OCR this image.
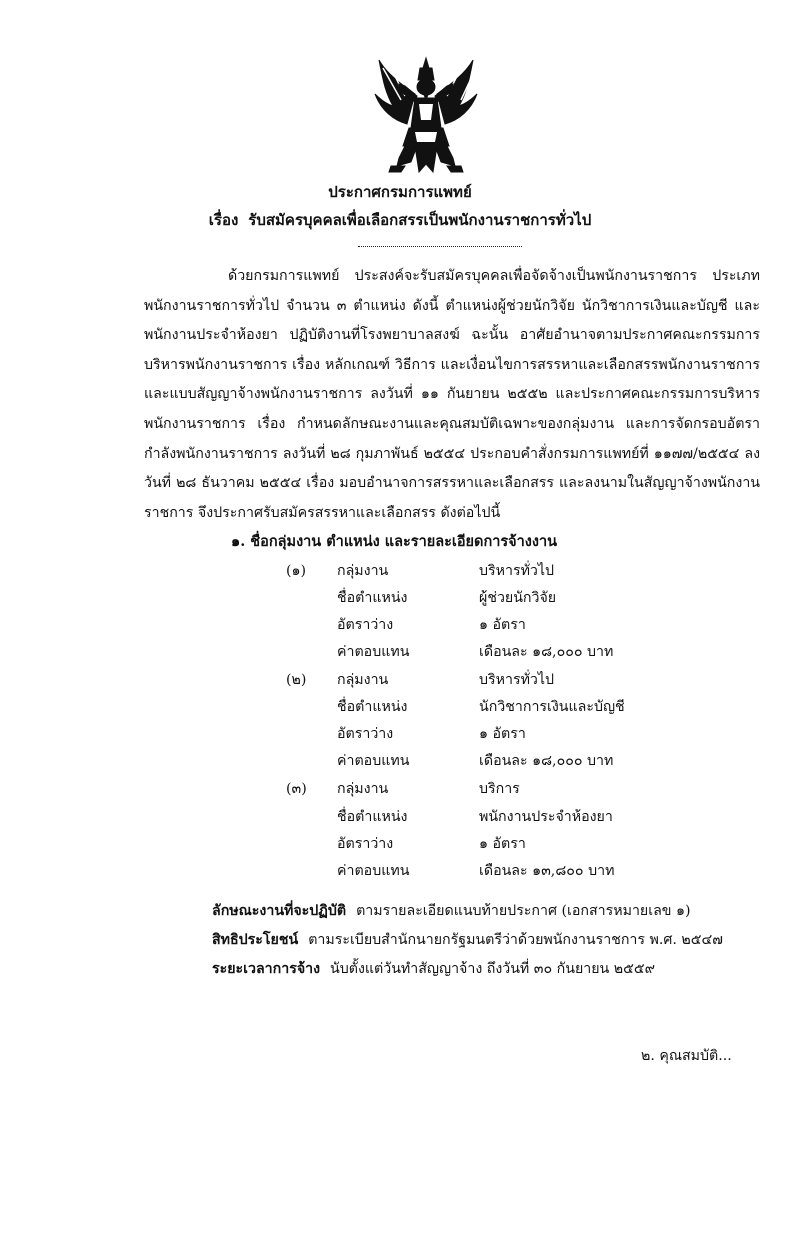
ประกาศกรมการแพทย์
เรื่อง รับสมัครบุคคลเพื่อเลือกสรรเป็นพนักงานราชการทั่วไป
ด้วยกรมการแพทย์ ประสงค์จะรับสมัครบุคคลเพื่อจัดจ้างเป็นพนักงานราชการ ประเภทพนักงานราชการทั่วไป จำนวน ๓ ตำแหน่ง ดังนี้ ตำแหน่งผู้ช่วยนักวิจัย นักวิชาการเงินและบัญชี และพนักงานประจำห้องยา ปฏิบัติงานที่โรงพยาบาลสงฆ์ ฉะนั้น อาศัยอำนาจตามประกาศคณะกรรมการบริหารพนักงานราชการ เรื่อง หลักเกณฑ์ วิธีการ และเงื่อนไขการสรรหาและเลือกสรรพนักงานราชการ และแบบสัญญาจ้างพนักงานราชการ ลงวันที่ ๑๑ กันยายน ๒๕๕๒ และประกาศคณะกรรมการบริหารพนักงานราชการ เรื่อง กำหนดลักษณะงานและคุณสมบัติเฉพาะของกลุ่มงาน และการจัดกรอบอัตรากำลังพนักงานราชการ ลงวันที่ ๒๘ กุมภาพันธ์ ๒๕๕๔ ประกอบคำสั่งกรมการแพทย์ที่ ๑๑๗๗/๒๕๕๔ ลงวันที่ ๒๘ ธันวาคม ๒๕๕๔ เรื่อง มอบอำนาจการสรรหาและเลือกสรร และลงนามในสัญญาจ้างพนักงานราชการ จึงประกาศรับสมัครสรรหาและเลือกสรร ดังต่อไปนี้
๑. ชื่อกลุ่มงาน ตำแหน่ง และรายละเอียดการจ้างงาน
(๑) กลุ่มงาน	บริหารทั่วไป
ชื่อตำแหน่ง	ผู้ช่วยนักวิจัย
อัตราว่าง	๑ อัตรา
ค่าตอบแทน	เดือนละ ๑๘,๐๐๐ บาท
(๒) กลุ่มงาน	บริหารทั่วไป
ชื่อตำแหน่ง	นักวิชาการเงินและบัญชี
อัตราว่าง	๑ อัตรา
ค่าตอบแทน	เดือนละ ๑๘,๐๐๐ บาท
(๓) กลุ่มงาน	บริการ
ชื่อตำแหน่ง	พนักงานประจำห้องยา
อัตราว่าง	๑ อัตรา
ค่าตอบแทน	เดือนละ ๑๓,๘๐๐ บาท
ลักษณะงานที่จะปฏิบัติ ตามรายละเอียดแนบท้ายประกาศ (เอกสารหมายเลข ๑)
สิทธิประโยชน์ ตามระเบียบสำนักนายกรัฐมนตรีว่าด้วยพนักงานราชการ พ.ศ. ๒๕๔๗
ระยะเวลาการจ้าง นับตั้งแต่วันทำสัญญาจ้าง ถึงวันที่ ๓๐ กันยายน ๒๕๕๙
๒. คุณสมบัติ...
